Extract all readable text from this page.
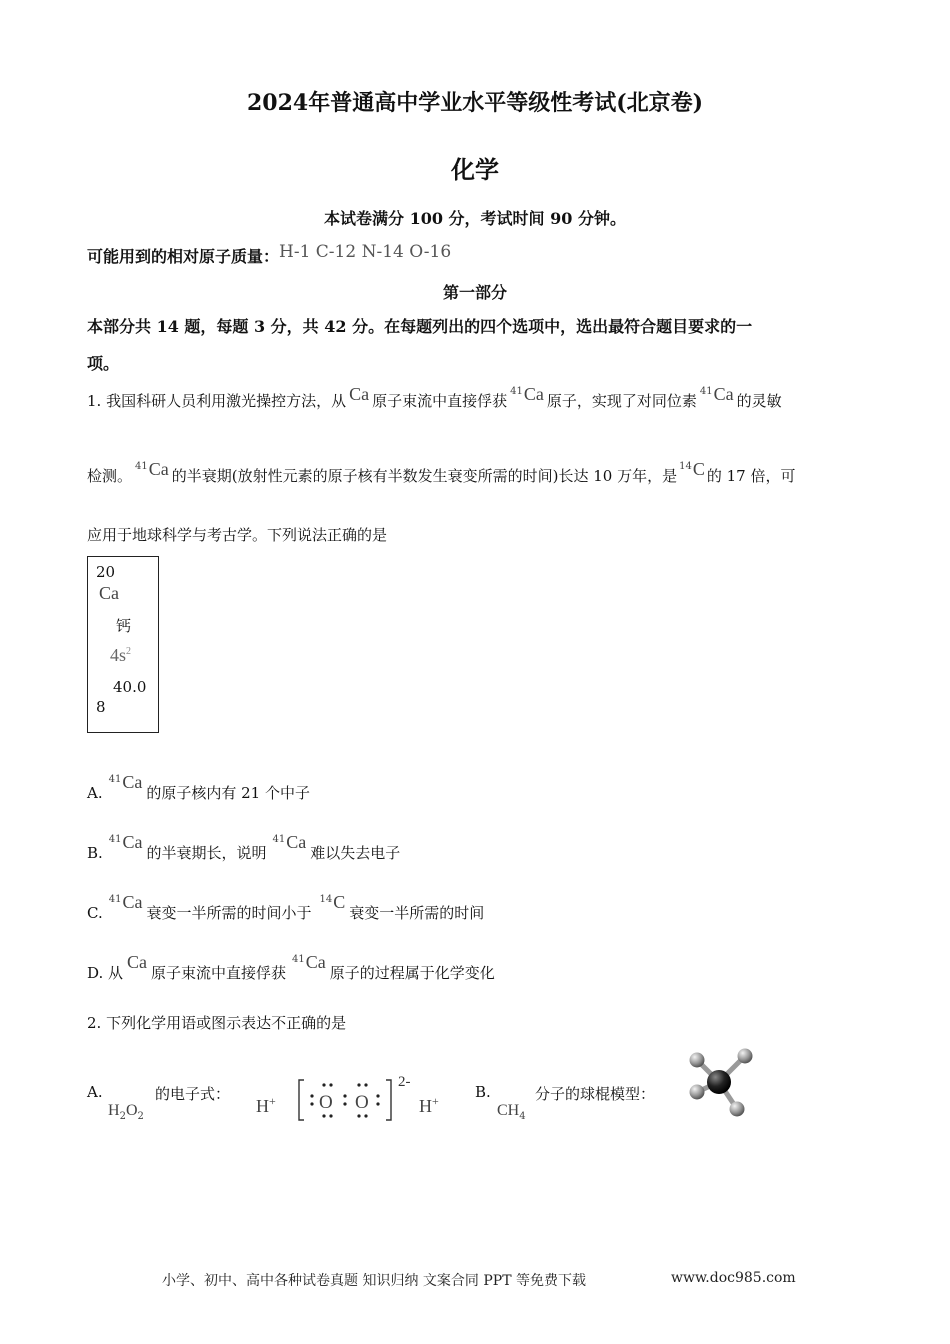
2024年普通高中学业水平等级性考试(北京卷)
化学
本试卷满分 100 分，考试时间 90 分钟。
可能用到的相对原子质量：H-1 C-12 N-14 O-16
第一部分
本部分共 14 题，每题 3 分，共 42 分。在每题列出的四个选项中，选出最符合题目要求的一
项。
1. 我国科研人员利用激光操控方法，从 Ca 原子束流中直接俘获$^{41}$Ca 原子，实现了对同位素$^{41}$Ca 的灵敏
检测。$^{41}$Ca 的半衰期(放射性元素的原子核有半数发生衰变所需的时间)长达 10 万年，是$^{14}$C 的 17 倍，可
应用于地球科学与考古学。下列说法正确的是
20
Ca
钙
$4s^2$
40.0
8
A.$^{41}$Ca的原子核内有 21 个中子
B.$^{41}$Ca的半衰期长，说明$^{41}$Ca难以失去电子
C.$^{41}$Ca衰变一半所需的时间小于$^{14}$C衰变一半所需的时间
D. 从Ca原子束流中直接俘获$^{41}$Ca原子的过程属于化学变化
2. 下列化学用语或图示表达不正确的是
A.
$H_2O_2$
的电子式：
H+ O O
2-
H+ B.
$CH_4$
分子的球棍模型：
小学、初中、高中各种试卷真题 知识归纳 文案合同 PPT 等免费下载	www.doc985.com
